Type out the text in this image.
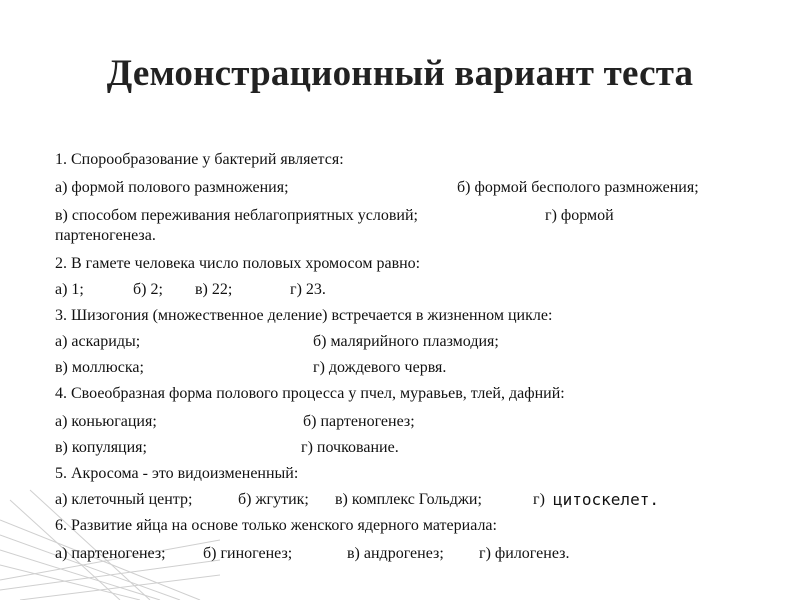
Демонстрационный вариант теста
1. Спорообразование у бактерий является:
а) формой полового размножения;	б) формой бесполого размножения;
в) способом переживания неблагоприятных условий;	г) формой
партеногенеза.
2. В гамете человека число половых хромосом равно:
а) 1;	б) 2; в) 22;	г) 23.
3. Шизогония (множественное деление) встречается в жизненном цикле:
а) аскариды;	б) малярийного плазмодия;
в) моллюска;	г) дождевого червя.
4. Своеобразная форма полового процесса у пчел, муравьев, тлей, дафний:
а) коньюгация;	б) партеногенез;
в) копуляция;	г) почкование.
5. Акросома - это видоизмененный:
а) клеточный центр;	б) жгутик; в) комплекс Гольджи;	г) цитоскелет.
6. Развитие яйца на основе только женского ядерного материала:
а) партеногенез; б) гиногенез;	в) андрогенез; г) филогенез.
